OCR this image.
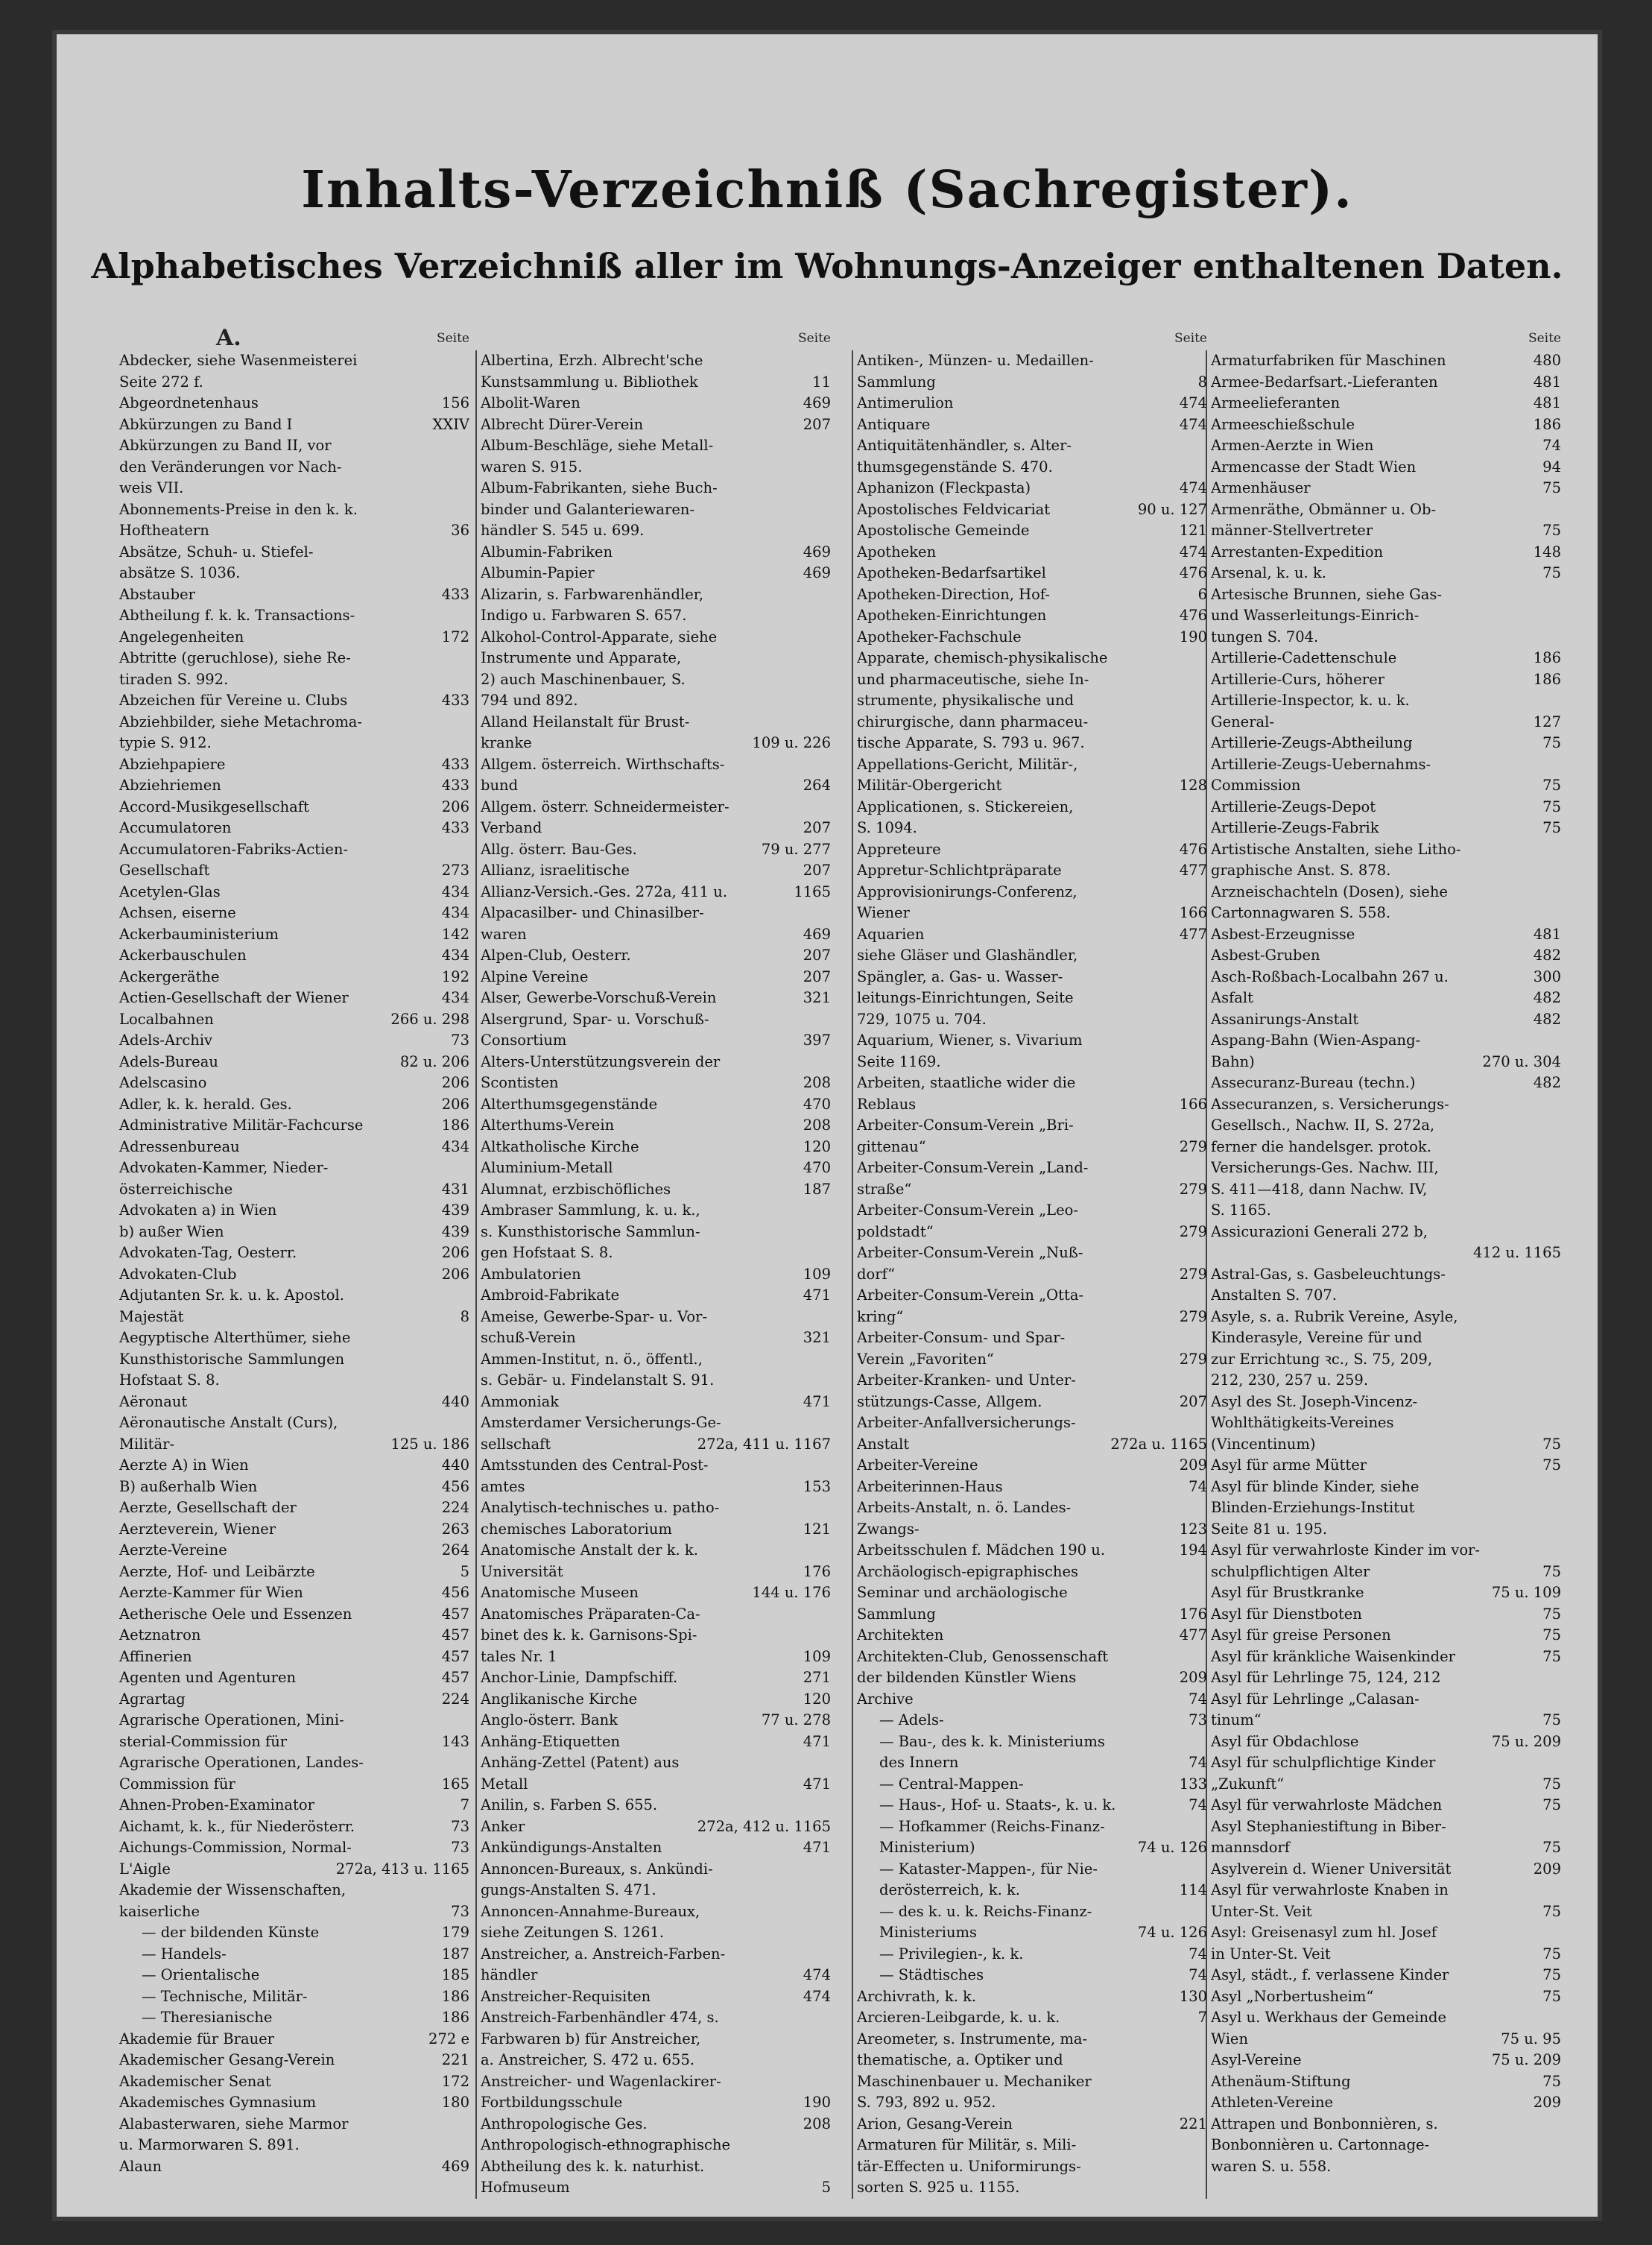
Inhalts-Verzeichniß (Sachregister).
Alphabetisches Verzeichniß aller im Wohnungs-Anzeiger enthaltenen Daten.
A.	Seite
Abdecker, siehe Wasenmeisterei
Seite 272 f.
Abgeordnetenhaus	156
Abkürzungen zu Band I	XXIV
Abkürzungen zu Band II, vor
den Veränderungen vor Nach-
weis VII.
Abonnements-Preise in den k. k.
Hoftheatern	36
Absätze, Schuh- u. Stiefel-
absätze S. 1036.
Abstauber	433
Abtheilung f. k. k. Transactions-
Angelegenheiten	172
Abtritte (geruchlose), siehe Re-
tiraden S. 992.
Abzeichen für Vereine u. Clubs	433
Abziehbilder, siehe Metachroma-
typie S. 912.
Abziehpapiere	433
Abziehriemen	433
Accord-Musikgesellschaft	206
Accumulatoren	433
Accumulatoren-Fabriks-Actien-
Gesellschaft	273
Acetylen-Glas	434
Achsen, eiserne	434
Ackerbauministerium	142
Ackerbauschulen	434
Ackergeräthe	192
Actien-Gesellschaft der Wiener	434
Localbahnen	266 u. 298
Adels-Archiv	73
Adels-Bureau	82 u. 206
Adelscasino	206
Adler, k. k. herald. Ges.	206
Administrative Militär-Fachcurse	186
Adressenbureau	434
Advokaten-Kammer, Nieder-
österreichische	431
Advokaten a) in Wien	439
b) außer Wien	439
Advokaten-Tag, Oesterr.	206
Advokaten-Club	206
Adjutanten Sr. k. u. k. Apostol.
Majestät	8
Aegyptische Alterthümer, siehe
Kunsthistorische Sammlungen
Hofstaat S. 8.
Aëronaut	440
Aëronautische Anstalt (Curs),
Militär-	125 u. 186
Aerzte A) in Wien	440
B) außerhalb Wien	456
Aerzte, Gesellschaft der	224
Aerzteverein, Wiener	263
Aerzte-Vereine	264
Aerzte, Hof- und Leibärzte	5
Aerzte-Kammer für Wien	456
Aetherische Oele und Essenzen	457
Aetznatron	457
Affinerien	457
Agenten und Agenturen	457
Agrartag	224
Agrarische Operationen, Mini-
sterial-Commission für	143
Agrarische Operationen, Landes-
Commission für	165
Ahnen-Proben-Examinator	7
Aichamt, k. k., für Niederösterr.	73
Aichungs-Commission, Normal-	73
L'Aigle	272a, 413 u. 1165
Akademie der Wissenschaften,
kaiserliche	73
— der bildenden Künste	179
— Handels-	187
— Orientalische	185
— Technische, Militär-	186
— Theresianische	186
Akademie für Brauer	272 e
Akademischer Gesang-Verein	221
Akademischer Senat	172
Akademisches Gymnasium	180
Alabasterwaren, siehe Marmor
u. Marmorwaren S. 891.
Alaun	469
Seite
Albertina, Erzh. Albrecht'sche
Kunstsammlung u. Bibliothek	11
Albolit-Waren	469
Albrecht Dürer-Verein	207
Album-Beschläge, siehe Metall-
waren S. 915.
Album-Fabrikanten, siehe Buch-
binder und Galanteriewaren-
händler S. 545 u. 699.
Albumin-Fabriken	469
Albumin-Papier	469
Alizarin, s. Farbwarenhändler,
Indigo u. Farbwaren S. 657.
Alkohol-Control-Apparate, siehe
Instrumente und Apparate,
2) auch Maschinenbauer, S.
794 und 892.
Alland Heilanstalt für Brust-
kranke	109 u. 226
Allgem. österreich. Wirthschafts-
bund	264
Allgem. österr. Schneidermeister-
Verband	207
Allg. österr. Bau-Ges.	79 u. 277
Allianz, israelitische	207
Allianz-Versich.-Ges. 272a, 411 u.	1165
Alpacasilber- und Chinasilber-
waren	469
Alpen-Club, Oesterr.	207
Alpine Vereine	207
Alser, Gewerbe-Vorschuß-Verein	321
Alsergrund, Spar- u. Vorschuß-
Consortium	397
Alters-Unterstützungsverein der
Scontisten	208
Alterthumsgegenstände	470
Alterthums-Verein	208
Altkatholische Kirche	120
Aluminium-Metall	470
Alumnat, erzbischöfliches	187
Ambraser Sammlung, k. u. k.,
s. Kunsthistorische Sammlun-
gen Hofstaat S. 8.
Ambulatorien	109
Ambroid-Fabrikate	471
Ameise, Gewerbe-Spar- u. Vor-
schuß-Verein	321
Ammen-Institut, n. ö., öffentl.,
s. Gebär- u. Findelanstalt S. 91.
Ammoniak	471
Amsterdamer Versicherungs-Ge-
sellschaft	272a, 411 u. 1167
Amtsstunden des Central-Post-
amtes	153
Analytisch-technisches u. patho-
chemisches Laboratorium	121
Anatomische Anstalt der k. k.
Universität	176
Anatomische Museen	144 u. 176
Anatomisches Präparaten-Ca-
binet des k. k. Garnisons-Spi-
tales Nr. 1	109
Anchor-Linie, Dampfschiff.	271
Anglikanische Kirche	120
Anglo-österr. Bank	77 u. 278
Anhäng-Etiquetten	471
Anhäng-Zettel (Patent) aus
Metall	471
Anilin, s. Farben S. 655.
Anker	272a, 412 u. 1165
Ankündigungs-Anstalten	471
Annoncen-Bureaux, s. Ankündi-
gungs-Anstalten S. 471.
Annoncen-Annahme-Bureaux,
siehe Zeitungen S. 1261.
Anstreicher, a. Anstreich-Farben-
händler	474
Anstreicher-Requisiten	474
Anstreich-Farbenhändler 474, s.
Farbwaren b) für Anstreicher,
a. Anstreicher, S. 472 u. 655.
Anstreicher- und Wagenlackirer-
Fortbildungsschule	190
Anthropologische Ges.	208
Anthropologisch-ethnographische
Abtheilung des k. k. naturhist.
Hofmuseum	5
Seite
Antiken-, Münzen- u. Medaillen-
Sammlung	8
Antimerulion	474
Antiquare	474
Antiquitätenhändler, s. Alter-
thumsgegenstände S. 470.
Aphanizon (Fleckpasta)	474
Apostolisches Feldvicariat	90 u. 127
Apostolische Gemeinde	121
Apotheken	474
Apotheken-Bedarfsartikel	476
Apotheken-Direction, Hof-	6
Apotheken-Einrichtungen	476
Apotheker-Fachschule	190
Apparate, chemisch-physikalische
und pharmaceutische, siehe In-
strumente, physikalische und
chirurgische, dann pharmaceu-
tische Apparate, S. 793 u. 967.
Appellations-Gericht, Militär-,
Militär-Obergericht	128
Applicationen, s. Stickereien,
S. 1094.
Appreteure	476
Appretur-Schlichtpräparate	477
Approvisionirungs-Conferenz,
Wiener	166
Aquarien	477
siehe Gläser und Glashändler,
Spängler, a. Gas- u. Wasser-
leitungs-Einrichtungen, Seite
729, 1075 u. 704.
Aquarium, Wiener, s. Vivarium
Seite 1169.
Arbeiten, staatliche wider die
Reblaus	166
Arbeiter-Consum-Verein „Bri-
gittenau“	279
Arbeiter-Consum-Verein „Land-
straße“	279
Arbeiter-Consum-Verein „Leo-
poldstadt“	279
Arbeiter-Consum-Verein „Nuß-
dorf“	279
Arbeiter-Consum-Verein „Otta-
kring“	279
Arbeiter-Consum- und Spar-
Verein „Favoriten“	279
Arbeiter-Kranken- und Unter-
stützungs-Casse, Allgem.	207
Arbeiter-Anfallversicherungs-
Anstalt	272a u. 1165
Arbeiter-Vereine	209
Arbeiterinnen-Haus	74
Arbeits-Anstalt, n. ö. Landes-
Zwangs-	123
Arbeitsschulen f. Mädchen 190 u.	194
Archäologisch-epigraphisches
Seminar und archäologische
Sammlung	176
Architekten	477
Architekten-Club, Genossenschaft
der bildenden Künstler Wiens	209
Archive	74
— Adels-	73
— Bau-, des k. k. Ministeriums
des Innern	74
— Central-Mappen-	133
— Haus-, Hof- u. Staats-, k. u. k.	74
— Hofkammer (Reichs-Finanz-
Ministerium)	74 u. 126
— Kataster-Mappen-, für Nie-
derösterreich, k. k.	114
— des k. u. k. Reichs-Finanz-
Ministeriums	74 u. 126
— Privilegien-, k. k.	74
— Städtisches	74
Archivrath, k. k.	130
Arcieren-Leibgarde, k. u. k.	7
Areometer, s. Instrumente, ma-
thematische, a. Optiker und
Maschinenbauer u. Mechaniker
S. 793, 892 u. 952.
Arion, Gesang-Verein	221
Armaturen für Militär, s. Mili-
tär-Effecten u. Uniformirungs-
sorten S. 925 u. 1155.
Seite
Armaturfabriken für Maschinen	480
Armee-Bedarfsart.-Lieferanten	481
Armeelieferanten	481
Armeeschießschule	186
Armen-Aerzte in Wien	74
Armencasse der Stadt Wien	94
Armenhäuser	75
Armenräthe, Obmänner u. Ob-
männer-Stellvertreter	75
Arrestanten-Expedition	148
Arsenal, k. u. k.	75
Artesische Brunnen, siehe Gas-
und Wasserleitungs-Einrich-
tungen S. 704.
Artillerie-Cadettenschule	186
Artillerie-Curs, höherer	186
Artillerie-Inspector, k. u. k.
General-	127
Artillerie-Zeugs-Abtheilung	75
Artillerie-Zeugs-Uebernahms-
Commission	75
Artillerie-Zeugs-Depot	75
Artillerie-Zeugs-Fabrik	75
Artistische Anstalten, siehe Litho-
graphische Anst. S. 878.
Arzneischachteln (Dosen), siehe
Cartonnagwaren S. 558.
Asbest-Erzeugnisse	481
Asbest-Gruben	482
Asch-Roßbach-Localbahn 267 u.	300
Asfalt	482
Assanirungs-Anstalt	482
Aspang-Bahn (Wien-Aspang-
Bahn)	270 u. 304
Assecuranz-Bureau (techn.)	482
Assecuranzen, s. Versicherungs-
Gesellsch., Nachw. II, S. 272a,
ferner die handelsger. protok.
Versicherungs-Ges. Nachw. III,
S. 411—418, dann Nachw. IV,
S. 1165.
Assicurazioni Generali 272 b,
412 u. 1165
Astral-Gas, s. Gasbeleuchtungs-
Anstalten S. 707.
Asyle, s. a. Rubrik Vereine, Asyle,
Kinderasyle, Vereine für und
zur Errichtung ꝛc., S. 75, 209,
212, 230, 257 u. 259.
Asyl des St. Joseph-Vincenz-
Wohlthätigkeits-Vereines
(Vincentinum)	75
Asyl für arme Mütter	75
Asyl für blinde Kinder, siehe
Blinden-Erziehungs-Institut
Seite 81 u. 195.
Asyl für verwahrloste Kinder im vor-
schulpflichtigen Alter	75
Asyl für Brustkranke	75 u. 109
Asyl für Dienstboten	75
Asyl für greise Personen	75
Asyl für kränkliche Waisenkinder	75
Asyl für Lehrlinge 75, 124, 212
Asyl für Lehrlinge „Calasan-
tinum“	75
Asyl für Obdachlose	75 u. 209
Asyl für schulpflichtige Kinder
„Zukunft“	75
Asyl für verwahrloste Mädchen	75
Asyl Stephaniestiftung in Biber-
mannsdorf	75
Asylverein d. Wiener Universität	209
Asyl für verwahrloste Knaben in
Unter-St. Veit	75
Asyl: Greisenasyl zum hl. Josef
in Unter-St. Veit	75
Asyl, städt., f. verlassene Kinder	75
Asyl „Norbertusheim“	75
Asyl u. Werkhaus der Gemeinde
Wien	75 u. 95
Asyl-Vereine	75 u. 209
Athenäum-Stiftung	75
Athleten-Vereine	209
Attrapen und Bonbonnièren, s.
Bonbonnièren u. Cartonnage-
waren S. u. 558.
